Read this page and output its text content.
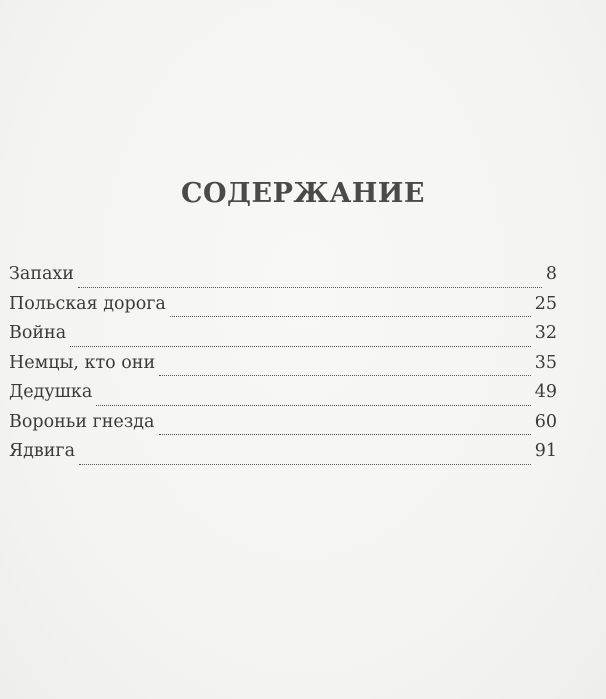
СОДЕРЖАНИЕ
Запахи	8
Польская дорога	25
Война	32
Немцы, кто они	35
Дедушка	49
Вороньи гнезда	60
Ядвига	91
